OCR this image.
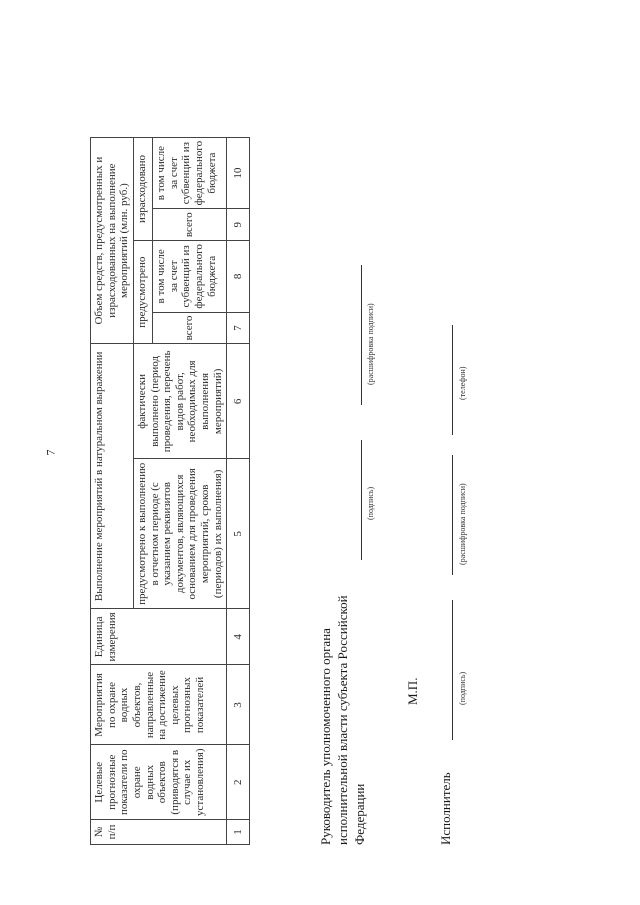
7
№ п/п	Целевые прогнозные показатели по охране водных объектов (приводятся в случае их установления)	Мероприятия по охране водных объектов, направленные на достижение целевых прогнозных показателей	Единица измерения	Выполнение мероприятий в натуральном выражении		Объем средств, предусмотренных и израсходованных на выполнение мероприятий (млн. руб.)			
				предусмотрено к выполнению в отчетном периоде (с указанием реквизитов документов, являющихся основанием для проведения мероприятий, сроков (периодов) их выполнения)	фактически выполнено (период проведения, перечень видов работ, необходимых для выполнения мероприятий)	предусмотрено		израсходовано	
						всего	в том числе за счет субвенций из федерального бюджета	всего	в том числе за счет субвенций из федерального бюджета
1	2	3	4	5	6	7	8	9	10
Руководитель уполномоченного органа исполнительной власти субъекта Российской Федерации
(подпись)
(расшифровка подписи)
М.П.
Исполнитель
(подпись)
(расшифровка подписи)
(телефон)
